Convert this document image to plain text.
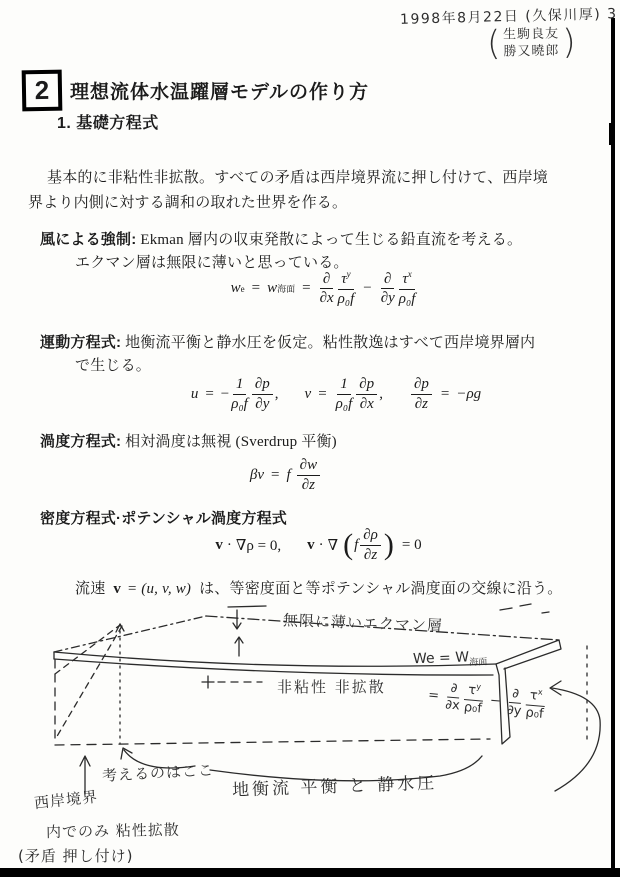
1998年8月22日 (久保川厚) 3
( 生駒良友
勝又曉郎 )
2 理想流体水温躍層モデルの作り方
1. 基礎方程式
基本的に非粘性非拡散。すべての矛盾は西岸境界流に押し付けて、西岸境
界より内側に対する調和の取れた世界を作る。
風による強制: Ekman 層内の収束発散によって生じる鉛直流を考える。
エクマン層は無限に薄いと思っている。
w e = w 海面 = $\frac{\partial}{\partial x} \frac{\tau^y}{\text{ρ₀f}} - \frac{\partial}{\partial y} \frac{\tau^x}{\text{ρ₀f}}$
運動方程式: 地衡流平衡と静水圧を仮定。粘性散逸はすべて西岸境界層内
で生じる。
u = − $\frac{1}{\text{ρ₀f}} \frac{\partial p}{\partial y}$ , $v = \frac{1}{\text{ρ₀f}} \frac{\partial p}{\partial x}$ , $\frac{\partial p}{\partial z} = -\rho g$
渦度方程式: 相対渦度は無視 (Sverdrup 平衡)
βv = f $\frac{\partial w}{\partial z}$
密度方程式·ポテンシャル渦度方程式
v · ∇ρ = 0, v · ∇ ( f $\frac{\partial\rho}{\partial z}$ ) = 0
流速 v = (u, v, w) は、等密度面と等ポテンシャル渦度面の交線に沿う。
無限に薄いエクマン層
$We = W_{海面}$
非粘性 非拡散	= $\frac{\partial}{\partial x} \frac{\tau^y}{\text{ρ₀f}} - \frac{\partial}{\partial y} \frac{\tau^x}{\text{ρ₀f}}$
考えるのはここ
地衡流 平衡 と 静水圧
西岸境界
内でのみ 粘性拡散
(矛盾 押し付け)
